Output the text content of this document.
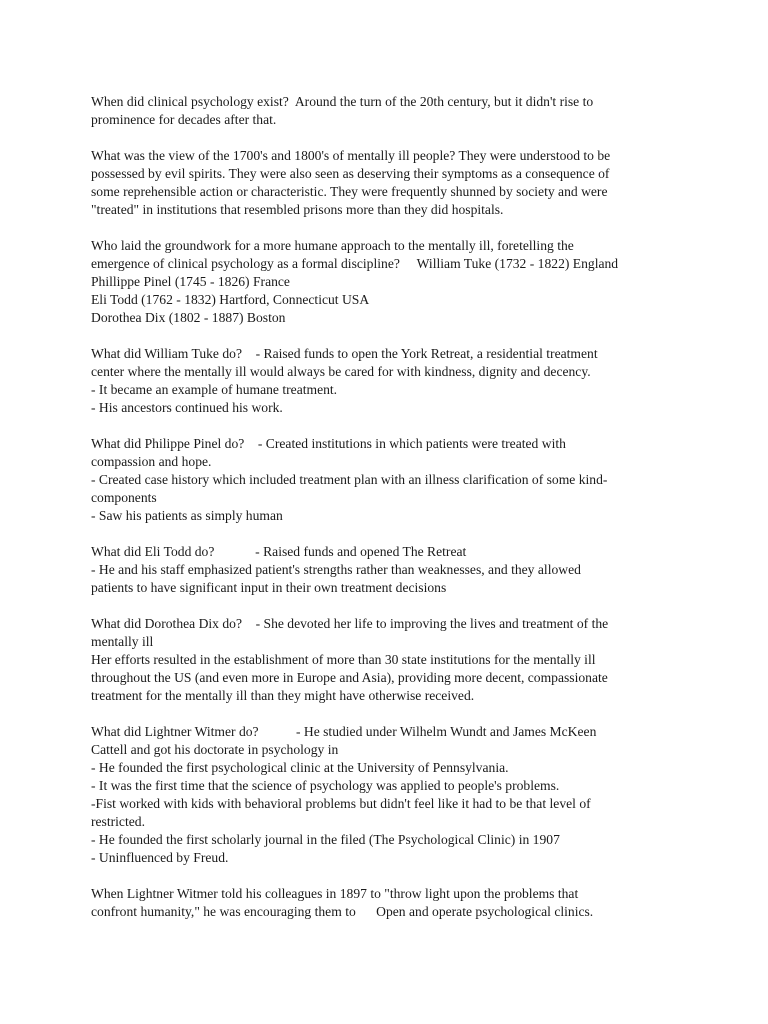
When did clinical psychology exist?  Around the turn of the 20th century, but it didn't rise to
prominence for decades after that.

What was the view of the 1700's and 1800's of mentally ill people? They were understood to be
possessed by evil spirits. They were also seen as deserving their symptoms as a consequence of
some reprehensible action or characteristic. They were frequently shunned by society and were
"treated" in institutions that resembled prisons more than they did hospitals.

Who laid the groundwork for a more humane approach to the mentally ill, foretelling the
emergence of clinical psychology as a formal discipline?     William Tuke (1732 - 1822) England
Phillippe Pinel (1745 - 1826) France
Eli Todd (1762 - 1832) Hartford, Connecticut USA
Dorothea Dix (1802 - 1887) Boston

What did William Tuke do?    - Raised funds to open the York Retreat, a residential treatment
center where the mentally ill would always be cared for with kindness, dignity and decency.
- It became an example of humane treatment.
- His ancestors continued his work.

What did Philippe Pinel do?    - Created institutions in which patients were treated with
compassion and hope.
- Created case history which included treatment plan with an illness clarification of some kind-
components
- Saw his patients as simply human

What did Eli Todd do?            - Raised funds and opened The Retreat
- He and his staff emphasized patient's strengths rather than weaknesses, and they allowed
patients to have significant input in their own treatment decisions

What did Dorothea Dix do?    - She devoted her life to improving the lives and treatment of the
mentally ill
Her efforts resulted in the establishment of more than 30 state institutions for the mentally ill
throughout the US (and even more in Europe and Asia), providing more decent, compassionate
treatment for the mentally ill than they might have otherwise received.

What did Lightner Witmer do?           - He studied under Wilhelm Wundt and James McKeen
Cattell and got his doctorate in psychology in
- He founded the first psychological clinic at the University of Pennsylvania.
- It was the first time that the science of psychology was applied to people's problems.
-Fist worked with kids with behavioral problems but didn't feel like it had to be that level of
restricted.
- He founded the first scholarly journal in the filed (The Psychological Clinic) in 1907
- Uninfluenced by Freud.

When Lightner Witmer told his colleagues in 1897 to "throw light upon the problems that
confront humanity," he was encouraging them to      Open and operate psychological clinics.
